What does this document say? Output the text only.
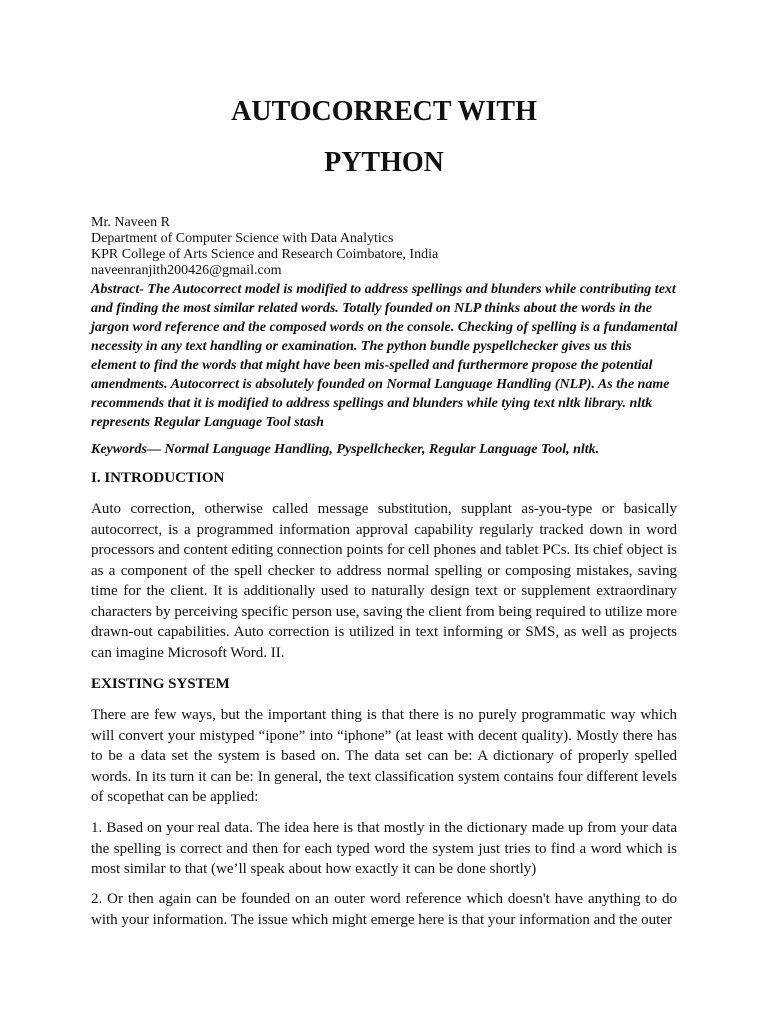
AUTOCORRECT WITH
PYTHON
Mr. Naveen R
Department of Computer Science with Data Analytics
KPR College of Arts Science and Research Coimbatore, India
naveenranjith200426@gmail.com

Abstract- The Autocorrect model is modified to address spellings and blunders while contributing text and finding the most similar related words. Totally founded on NLP thinks about the words in the jargon word reference and the composed words on the console. Checking of spelling is a fundamental necessity in any text handling or examination. The python bundle pyspellchecker gives us this element to find the words that might have been mis-spelled and furthermore propose the potential amendments. Autocorrect is absolutely founded on Normal Language Handling (NLP). As the name recommends that it is modified to address spellings and blunders while tying text nltk library. nltk represents Regular Language Tool stash

Keywords— Normal Language Handling, Pyspellchecker, Regular Language Tool, nltk.

I. INTRODUCTION

Auto correction, otherwise called message substitution, supplant as-you-type or basically autocorrect, is a programmed information approval capability regularly tracked down in word processors and content editing connection points for cell phones and tablet PCs. Its chief object is as a component of the spell checker to address normal spelling or composing mistakes, saving time for the client. It is additionally used to naturally design text or supplement extraordinary characters by perceiving specific person use, saving the client from being required to utilize more drawn-out capabilities. Auto correction is utilized in text informing or SMS, as well as projects can imagine Microsoft Word. II.

EXISTING SYSTEM

There are few ways, but the important thing is that there is no purely programmatic way which will convert your mistyped “ipone” into “iphone” (at least with decent quality). Mostly there has to be a data set the system is based on. The data set can be: A dictionary of properly spelled words. In its turn it can be: In general, the text classification system contains four different levels of scopethat can be applied:

1. Based on your real data. The idea here is that mostly in the dictionary made up from your data the spelling is correct and then for each typed word the system just tries to find a word which is most similar to that (we’ll speak about how exactly it can be done shortly)

2. Or then again can be founded on an outer word reference which doesn't have anything to do with your information. The issue which might emerge here is that your information and the outer
